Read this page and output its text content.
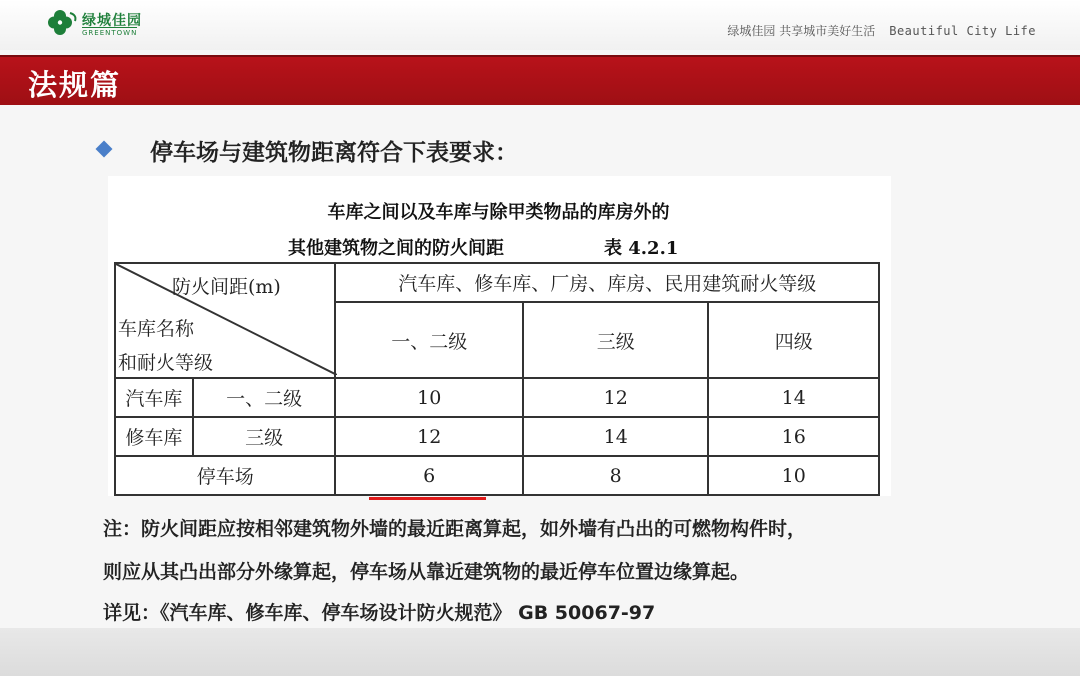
绿城佳园
GREENTOWN	绿城佳园 共享城市美好生活 Beautiful City Life
法规篇
停车场与建筑物距离符合下表要求：
车库之间以及车库与除甲类物品的库房外的
其他建筑物之间的防火间距	表 4.2.1
防火间距(m)
车库名称
和耐火等级		汽车库、修车库、厂房、库房、民用建筑耐火等级		
		一、二级	三级	四级
汽车库	一、二级	10	12	14
修车库	三级	12	14	16
停车场		6	8	10
注：防火间距应按相邻建筑物外墙的最近距离算起，如外墙有凸出的可燃物构件时，
则应从其凸出部分外缘算起，停车场从靠近建筑物的最近停车位置边缘算起。
详见：《汽车库、修车库、停车场设计防火规范》 GB 50067-97
